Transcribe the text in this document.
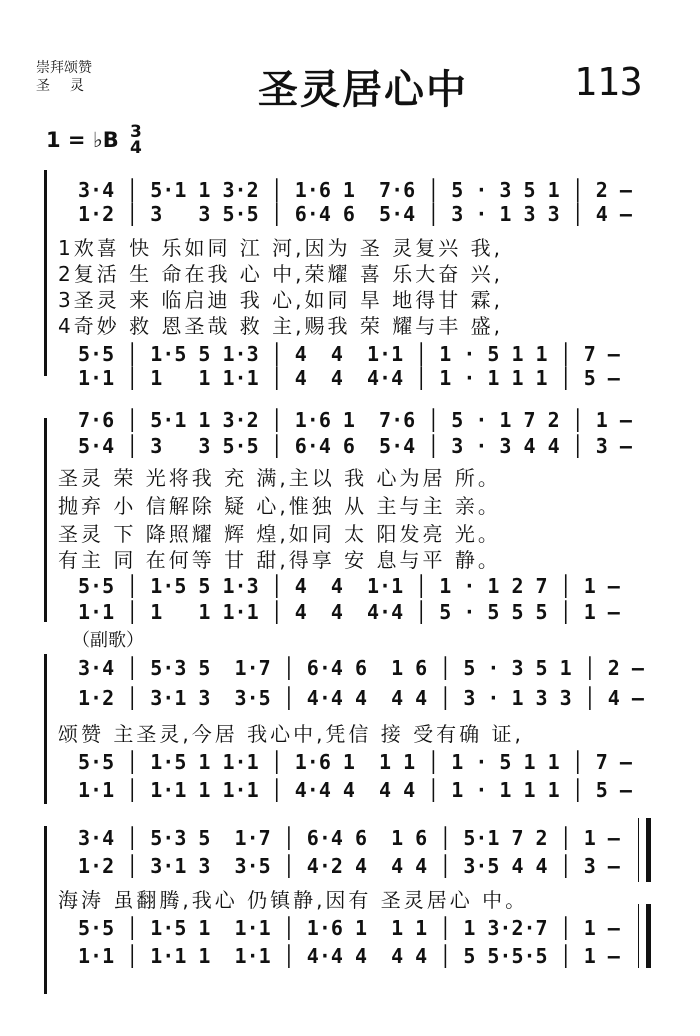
崇拜颂赞
圣灵	圣灵居心中	113
1 = ♭B 3
4
3·4 │ 5·1 1 3·2 │ 1·6 1  7·6 │ 5 · 3 5 1 │ 2 –
1·2 │ 3   3 5·5 │ 6·4 6  5·4 │ 3 · 1 3 3 │ 4 –
1欢喜 快 乐如同 江 河,因为 圣 灵复兴 我,
2复活 生 命在我 心 中,荣耀 喜 乐大奋 兴,
3圣灵 来 临启迪 我 心,如同 旱 地得甘 霖,
4奇妙 救 恩圣哉 救 主,赐我 荣 耀与丰 盛,
5·5 │ 1·5 5 1·3 │ 4  4  1·1 │ 1 · 5 1 1 │ 7 –
1·1 │ 1   1 1·1 │ 4  4  4·4 │ 1 · 1 1 1 │ 5 –
7·6 │ 5·1 1 3·2 │ 1·6 1  7·6 │ 5 · 1 7 2 │ 1 –
5·4 │ 3   3 5·5 │ 6·4 6  5·4 │ 3 · 3 4 4 │ 3 –
圣灵 荣 光将我 充 满,主以 我 心为居 所。
抛弃 小 信解除 疑 心,惟独 从 主与主 亲。
圣灵 下 降照耀 辉 煌,如同 太 阳发亮 光。
有主 同 在何等 甘 甜,得享 安 息与平 静。
5·5 │ 1·5 5 1·3 │ 4  4  1·1 │ 1 · 1 2 7 │ 1 –
1·1 │ 1   1 1·1 │ 4  4  4·4 │ 5 · 5 5 5 │ 1 –
（副歌）
3·4 │ 5·3 5  1·7 │ 6·4 6  1 6 │ 5 · 3 5 1 │ 2 –
1·2 │ 3·1 3  3·5 │ 4·4 4  4 4 │ 3 · 1 3 3 │ 4 –
颂赞 主圣灵,今居 我心中,凭信 接 受有确 证,
5·5 │ 1·5 1 1·1 │ 1·6 1  1 1 │ 1 · 5 1 1 │ 7 –
1·1 │ 1·1 1 1·1 │ 4·4 4  4 4 │ 1 · 1 1 1 │ 5 –
3·4 │ 5·3 5  1·7 │ 6·4 6  1 6 │ 5·1 7 2 │ 1 –
1·2 │ 3·1 3  3·5 │ 4·2 4  4 4 │ 3·5 4 4 │ 3 –
海涛 虽翻腾,我心 仍镇静,因有 圣灵居心 中。
5·5 │ 1·5 1  1·1 │ 1·6 1  1 1 │ 1 3·2·7 │ 1 –
1·1 │ 1·1 1  1·1 │ 4·4 4  4 4 │ 5 5·5·5 │ 1 –
